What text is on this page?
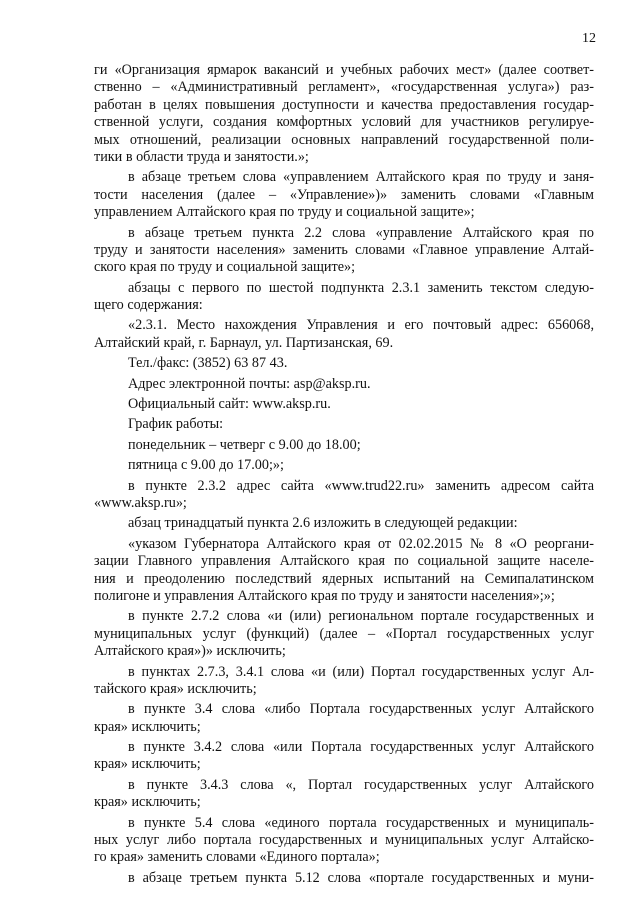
12
ги «Организация ярмарок вакансий и учебных рабочих мест» (далее соответ-
ственно – «Административный регламент», «государственная услуга») раз-
работан в целях повышения доступности и качества предоставления государ-
ственной услуги, создания комфортных условий для участников регулируе-
мых отношений, реализации основных направлений государственной поли-
тики в области труда и занятости.»;
в абзаце третьем слова «управлением Алтайского края по труду и заня-
тости населения (далее – «Управление»)» заменить словами «Главным
управлением Алтайского края по труду и социальной защите»;
в абзаце третьем пункта 2.2 слова «управление Алтайского края по
труду и занятости населения» заменить словами «Главное управление Алтай-
ского края по труду и социальной защите»;
абзацы с первого по шестой подпункта 2.3.1 заменить текстом следую-
щего содержания:
«2.3.1. Место нахождения Управления и его почтовый адрес: 656068,
Алтайский край, г. Барнаул, ул. Партизанская, 69.
Тел./факс: (3852) 63 87 43.
Адрес электронной почты: asp@aksp.ru.
Официальный сайт: www.aksp.ru.
График работы:
понедельник – четверг с 9.00 до 18.00;
пятница с 9.00 до 17.00;»;
в пункте 2.3.2 адрес сайта «www.trud22.ru» заменить адресом сайта
«www.aksp.ru»;
абзац тринадцатый пункта 2.6 изложить в следующей редакции:
«указом Губернатора Алтайского края от 02.02.2015 № 8 «О реоргани-
зации Главного управления Алтайского края по социальной защите населе-
ния и преодолению последствий ядерных испытаний на Семипалатинском
полигоне и управления Алтайского края по труду и занятости населения»;»;
в пункте 2.7.2 слова «и (или) региональном портале государственных и
муниципальных услуг (функций) (далее – «Портал государственных услуг
Алтайского края»)» исключить;
в пунктах 2.7.3, 3.4.1 слова «и (или) Портал государственных услуг Ал-
тайского края» исключить;
в пункте 3.4 слова «либо Портала государственных услуг Алтайского
края» исключить;
в пункте 3.4.2 слова «или Портала государственных услуг Алтайского
края» исключить;
в пункте 3.4.3 слова «, Портал государственных услуг Алтайского
края» исключить;
в пункте 5.4 слова «единого портала государственных и муниципаль-
ных услуг либо портала государственных и муниципальных услуг Алтайско-
го края» заменить словами «Единого портала»;
в абзаце третьем пункта 5.12 слова «портале государственных и муни-
